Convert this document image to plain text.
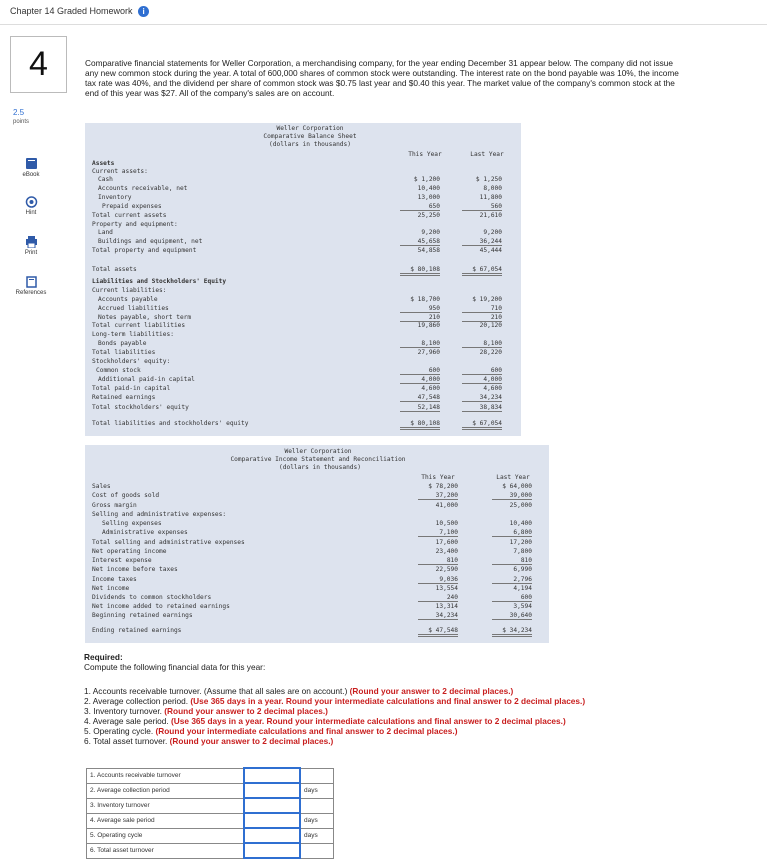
Chapter 14 Graded Homework i
4
2.5
points
eBook
Hint
Print
References
Comparative financial statements for Weller Corporation, a merchandising company, for the year ending December 31 appear below. The company did not issue any new common stock during the year. A total of 600,000 shares of common stock were outstanding. The interest rate on the bond payable was 10%, the income tax rate was 40%, and the dividend per share of common stock was $0.75 last year and $0.40 this year. The market value of the company's common stock at the end of this year was $27. All of the company's sales are on account.
Weller Corporation
Comparative Balance Sheet
(dollars in thousands)
This Year	Last Year
Assets
Current assets:
Cash	$ 1,200	$ 1,250
Accounts receivable, net	10,400	8,000
Inventory	13,000	11,800
Prepaid expenses	650	560
Total current assets	25,250	21,610
Property and equipment:
Land	9,200	9,200
Buildings and equipment, net	45,658	36,244
Total property and equipment	54,858	45,444
Total assets	$ 80,108	$ 67,054
Liabilities and Stockholders' Equity
Current liabilities:
Accounts payable	$ 18,700	$ 19,200
Accrued liabilities	950	710
Notes payable, short term	210	210
Total current liabilities	19,860	20,120
Long-term liabilities:
Bonds payable	8,100	8,100
Total liabilities	27,960	28,220
Stockholders' equity:
Common stock	600	600
Additional paid-in capital	4,000	4,000
Total paid-in capital	4,600	4,600
Retained earnings	47,548	34,234
Total stockholders' equity	52,148	38,834
Total liabilities and stockholders' equity	$ 80,108	$ 67,054
Weller Corporation
Comparative Income Statement and Reconciliation
(dollars in thousands)
This Year	Last Year
Sales	$ 78,200	$ 64,000
Cost of goods sold	37,200	39,000
Gross margin	41,000	25,000
Selling and administrative expenses:
Selling expenses	10,500	10,400
Administrative expenses	7,100	6,800
Total selling and administrative expenses	17,600	17,200
Net operating income	23,400	7,800
Interest expense	810	810
Net income before taxes	22,590	6,990
Income taxes	9,036	2,796
Net income	13,554	4,194
Dividends to common stockholders	240	600
Net income added to retained earnings	13,314	3,594
Beginning retained earnings	34,234	30,640
Ending retained earnings	$ 47,548	$ 34,234
Required:
Compute the following financial data for this year:
1. Accounts receivable turnover. (Assume that all sales are on account.) (Round your answer to 2 decimal places.)
2. Average collection period. (Use 365 days in a year. Round your intermediate calculations and final answer to 2 decimal places.)
3. Inventory turnover. (Round your answer to 2 decimal places.)
4. Average sale period. (Use 365 days in a year. Round your intermediate calculations and final answer to 2 decimal places.)
5. Operating cycle. (Round your intermediate calculations and final answer to 2 decimal places.)
6. Total asset turnover. (Round your answer to 2 decimal places.)
1. Accounts receivable turnover		
2. Average collection period		days
3. Inventory turnover		
4. Average sale period		days
5. Operating cycle		days
6. Total asset turnover		
